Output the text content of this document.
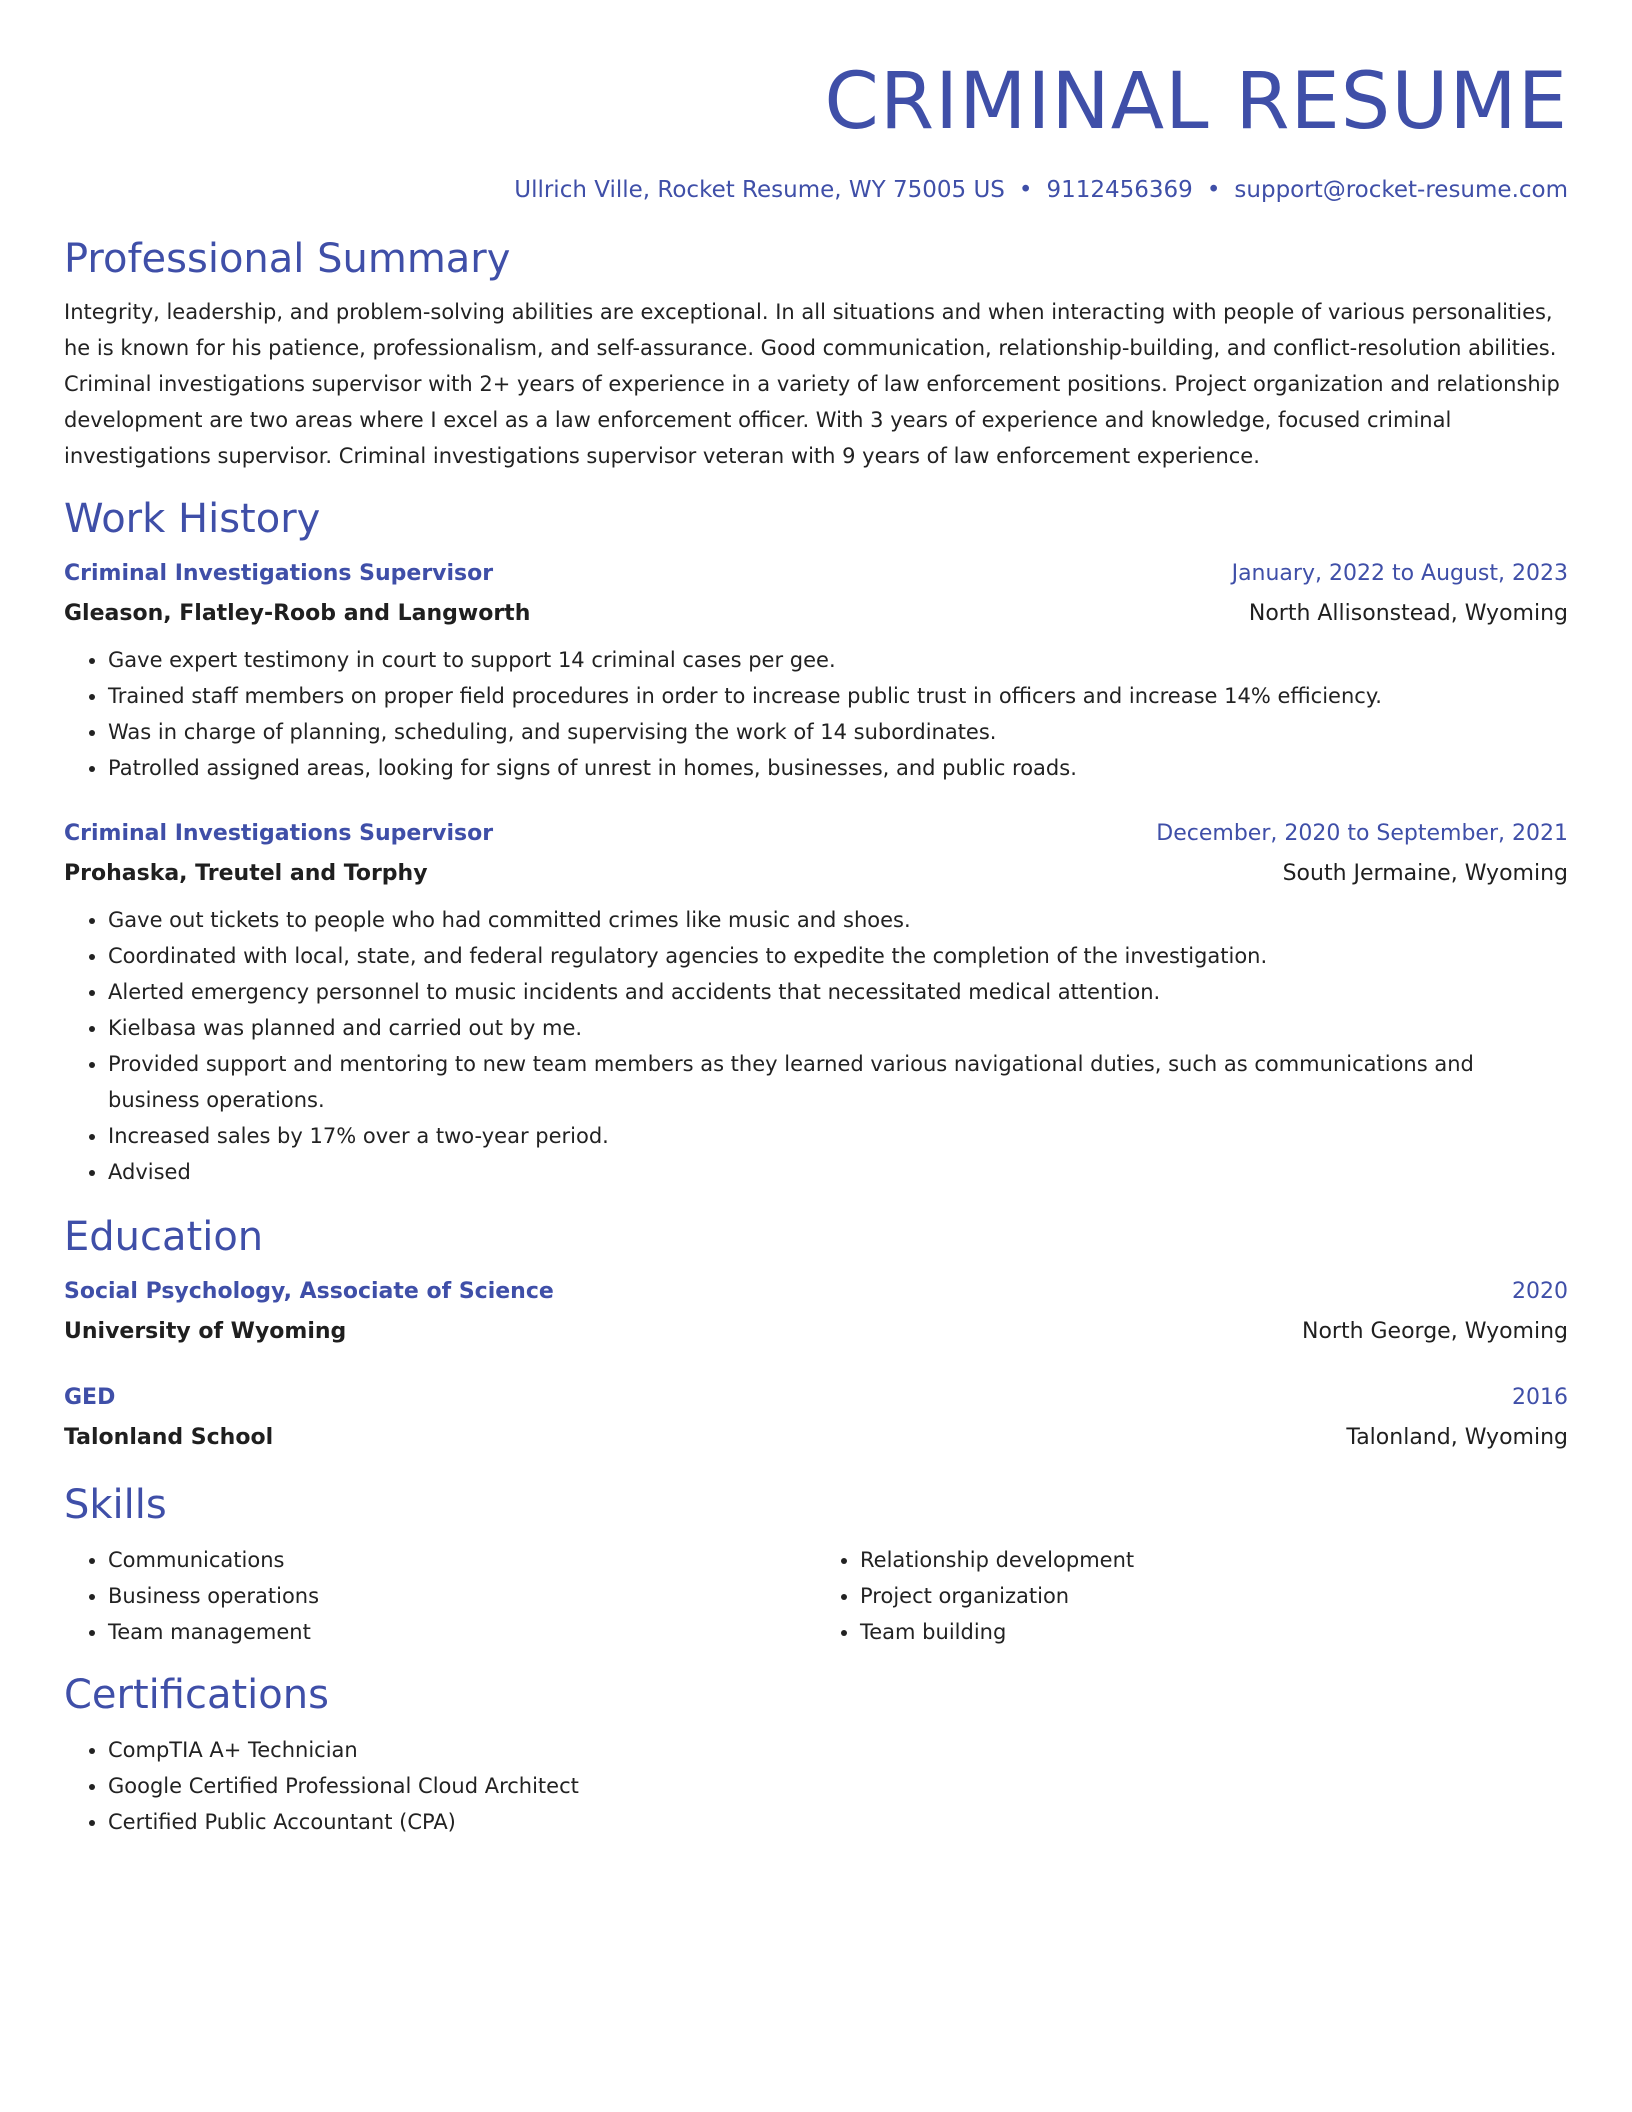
CRIMINAL RESUME
Ullrich Ville, Rocket Resume, WY 75005 US • 9112456369 • support@rocket-resume.com
Professional Summary
Integrity, leadership, and problem-solving abilities are exceptional. In all situations and when interacting with people of various personalities, he is known for his patience, professionalism, and self-assurance. Good communication, relationship-building, and conflict-resolution abilities. Criminal investigations supervisor with 2+ years of experience in a variety of law enforcement positions. Project organization and relationship development are two areas where I excel as a law enforcement officer. With 3 years of experience and knowledge, focused criminal investigations supervisor. Criminal investigations supervisor veteran with 9 years of law enforcement experience.
Work History
Criminal Investigations Supervisor	January, 2022 to August, 2023
Gleason, Flatley-Roob and Langworth	North Allisonstead, Wyoming
• Gave expert testimony in court to support 14 criminal cases per gee.
• Trained staff members on proper field procedures in order to increase public trust in officers and increase 14% efficiency.
• Was in charge of planning, scheduling, and supervising the work of 14 subordinates.
• Patrolled assigned areas, looking for signs of unrest in homes, businesses, and public roads.
Criminal Investigations Supervisor	December, 2020 to September, 2021
Prohaska, Treutel and Torphy	South Jermaine, Wyoming
• Gave out tickets to people who had committed crimes like music and shoes.
• Coordinated with local, state, and federal regulatory agencies to expedite the completion of the investigation.
• Alerted emergency personnel to music incidents and accidents that necessitated medical attention.
• Kielbasa was planned and carried out by me.
• Provided support and mentoring to new team members as they learned various navigational duties, such as communications and business operations.
• Increased sales by 17% over a two-year period.
• Advised
Education
Social Psychology, Associate of Science	2020
University of Wyoming	North George, Wyoming
GED	2016
Talonland School	Talonland, Wyoming
Skills
• Communications
• Business operations
• Team management
• Relationship development
• Project organization
• Team building
Certifications
• CompTIA A+ Technician
• Google Certified Professional Cloud Architect
• Certified Public Accountant (CPA)
